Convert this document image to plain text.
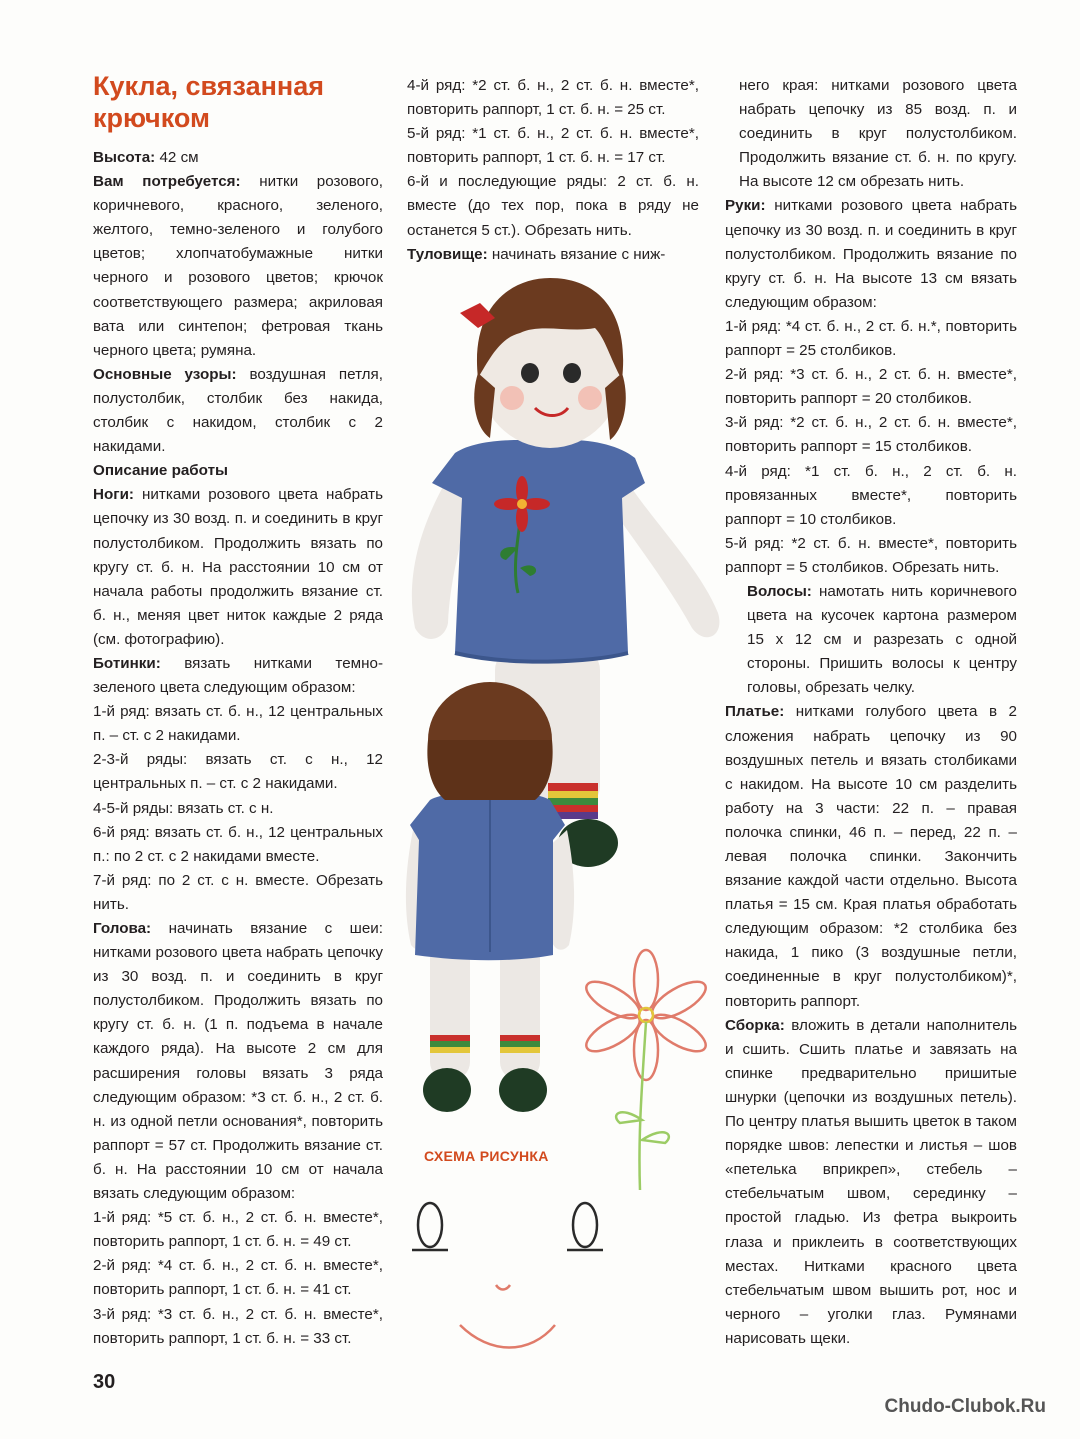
Кукла, связанная крючком

Высота: 42 см

Вам потребуется: нитки розового, коричневого, красного, зеленого, желтого, темно-зеленого и голубого цветов; хлопчатобумажные нитки черного и розового цветов; крючок соответствующего размера; акриловая вата или синтепон; фетровая ткань черного цвета; румяна.

Основные узоры: воздушная петля, полустолбик, столбик без накида, столбик с накидом, столбик с 2 накидами.

Описание работы

Ноги: нитками розового цвета набрать цепочку из 30 возд. п. и соединить в круг полустолбиком. Продолжить вязать по кругу ст. б. н. На расстоянии 10 см от начала работы продолжить вязание ст. б. н., меняя цвет ниток каждые 2 ряда (см. фотографию).

Ботинки: вязать нитками темно-зеленого цвета следующим образом:

1-й ряд: вязать ст. б. н., 12 центральных п. – ст. с 2 накидами.

2-3-й ряды: вязать ст. с н., 12 центральных п. – ст. с 2 накидами.

4-5-й ряды: вязать ст. с н.

6-й ряд: вязать ст. б. н., 12 центральных п.: по 2 ст. с 2 накидами вместе.

7-й ряд: по 2 ст. с н. вместе. Обрезать нить.

Голова: начинать вязание с шеи: нитками розового цвета набрать цепочку из 30 возд. п. и соединить в круг полустолбиком. Продолжить вязать по кругу ст. б. н. (1 п. подъема в начале каждого ряда). На высоте 2 см для расширения головы вязать 3 ряда следующим образом: *3 ст. б. н., 2 ст. б. н. из одной петли основания*, повторить раппорт = 57 ст. Продолжить вязание ст. б. н. На расстоянии 10 см от начала вязать следующим образом:

1-й ряд: *5 ст. б. н., 2 ст. б. н. вместе*, повторить раппорт, 1 ст. б. н. = 49 ст.

2-й ряд: *4 ст. б. н., 2 ст. б. н. вместе*, повторить раппорт, 1 ст. б. н. = 41 ст.

3-й ряд: *3 ст. б. н., 2 ст. б. н. вместе*, повторить раппорт, 1 ст. б. н. = 33 ст.

4-й ряд: *2 ст. б. н., 2 ст. б. н. вместе*, повторить раппорт, 1 ст. б. н. = 25 ст.

5-й ряд: *1 ст. б. н., 2 ст. б. н. вместе*, повторить раппорт, 1 ст. б. н. = 17 ст.

6-й и последующие ряды: 2 ст. б. н. вместе (до тех пор, пока в ряду не останется 5 ст.). Обрезать нить.

Туловище: начинать вязание с ниж-

него края: нитками розового цвета набрать цепочку из 85 возд. п. и соединить в круг полустолбиком. Продолжить вязание ст. б. н. по кругу. На высоте 12 см обрезать нить.

Руки: нитками розового цвета набрать цепочку из 30 возд. п. и соединить в круг полустолбиком. Продолжить вязание по кругу ст. б. н. На высоте 13 см вязать следующим образом:

1-й ряд: *4 ст. б. н., 2 ст. б. н.*, повторить раппорт = 25 столбиков.

2-й ряд: *3 ст. б. н., 2 ст. б. н. вместе*, повторить раппорт = 20 столбиков.

3-й ряд: *2 ст. б. н., 2 ст. б. н. вместе*, повторить раппорт = 15 столбиков.

4-й ряд: *1 ст. б. н., 2 ст. б. н. провязанных вместе*, повторить раппорт = 10 столбиков.

5-й ряд: *2 ст. б. н. вместе*, повторить раппорт = 5 столбиков. Обрезать нить.

Волосы: намотать нить коричневого цвета на кусочек картона размером 15 x 12 см и разрезать с одной стороны. Пришить волосы к центру головы, обрезать челку.

Платье: нитками голубого цвета в 2 сложения набрать цепочку из 90 воздушных петель и вязать столбиками с накидом. На высоте 10 см разделить работу на 3 части: 22 п. – правая полочка спинки, 46 п. – перед, 22 п. – левая полочка спинки. Закончить вязание каждой части отдельно. Высота платья = 15 см. Края платья обработать следующим образом: *2 столбика без накида, 1 пико (3 воздушные петли, соединенные в круг полустолбиком)*, повторить раппорт.

Сборка: вложить в детали наполнитель и сшить. Сшить платье и завязать на спинке предварительно пришитые шнурки (цепочки из воздушных петель). По центру платья вышить цветок в таком порядке швов: лепестки и листья – шов «петелька вприкреп», стебель – стебельчатым швом, серединку – простой гладью. Из фетра выкроить глаза и приклеить в соответствующих местах. Нитками красного цвета стебельчатым швом вышить рот, нос и черного – уголки глаз. Румянами нарисовать щеки.

СХЕМА РИСУНКА
30
Chudo-Clubok.Ru
